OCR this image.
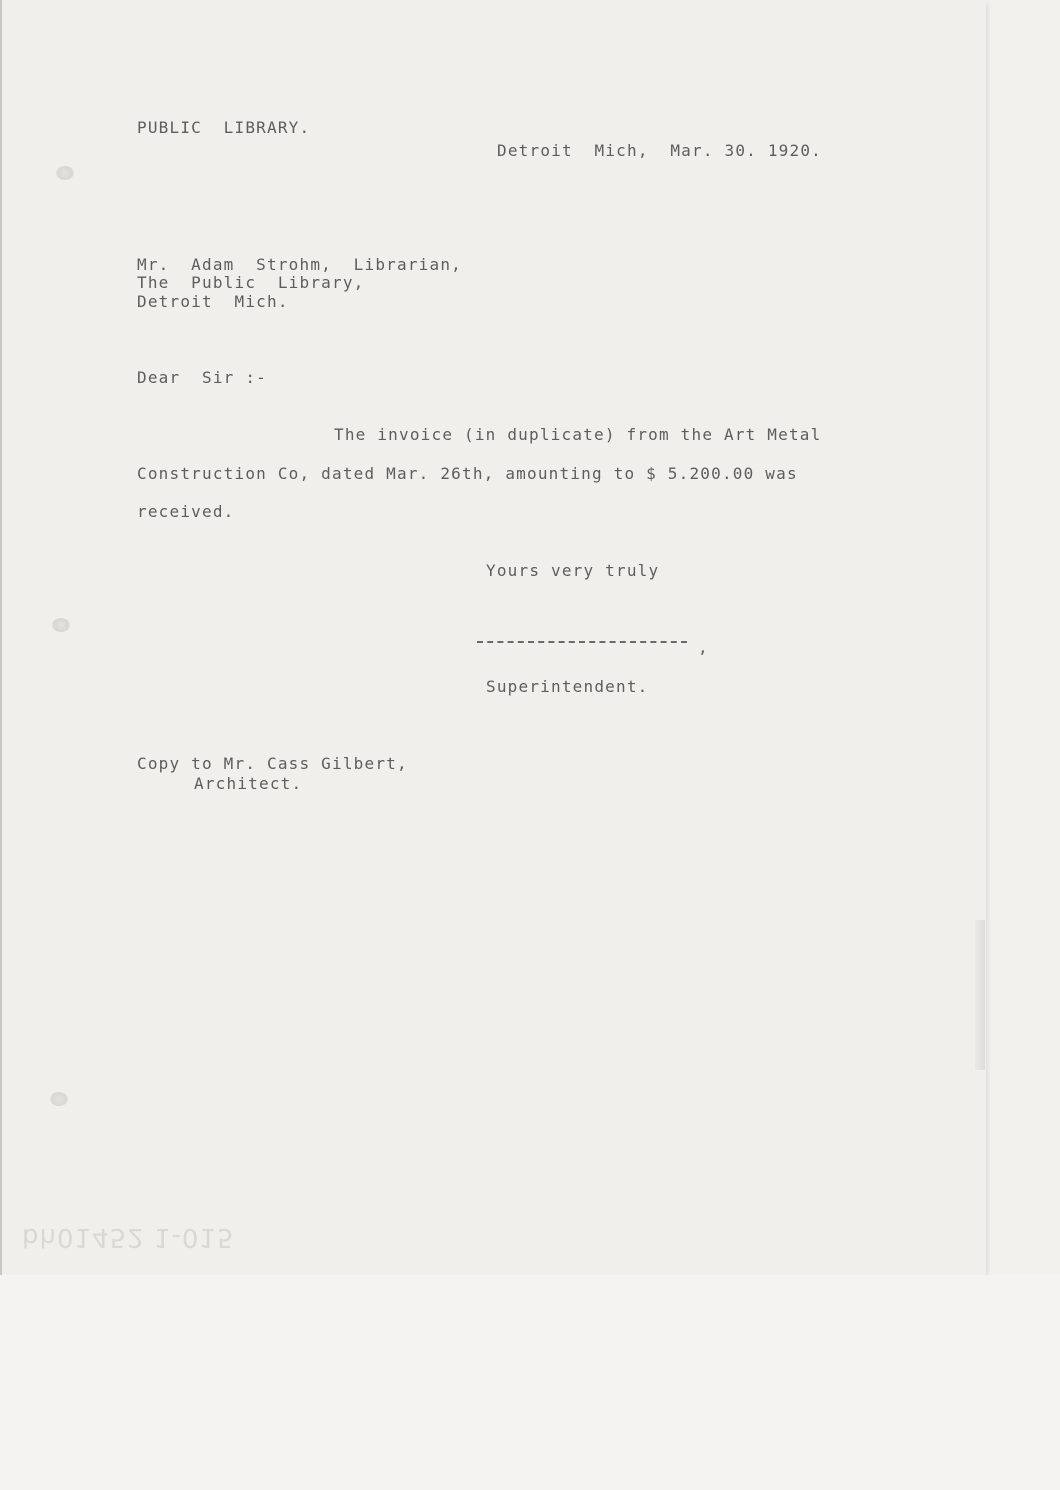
PUBLIC  LIBRARY.

Detroit  Mich,  Mar. 30. 1920.

Mr.  Adam  Strohm,  Librarian,

The  Public  Library,

Detroit  Mich.

Dear  Sir :-

The invoice (in duplicate) from the Art Metal

Construction Co, dated Mar. 26th, amounting to $ 5.200.00 was

received.

Yours very truly

,

Superintendent.

Copy to Mr. Cass Gilbert,

Architect.

bh01452 1-015
